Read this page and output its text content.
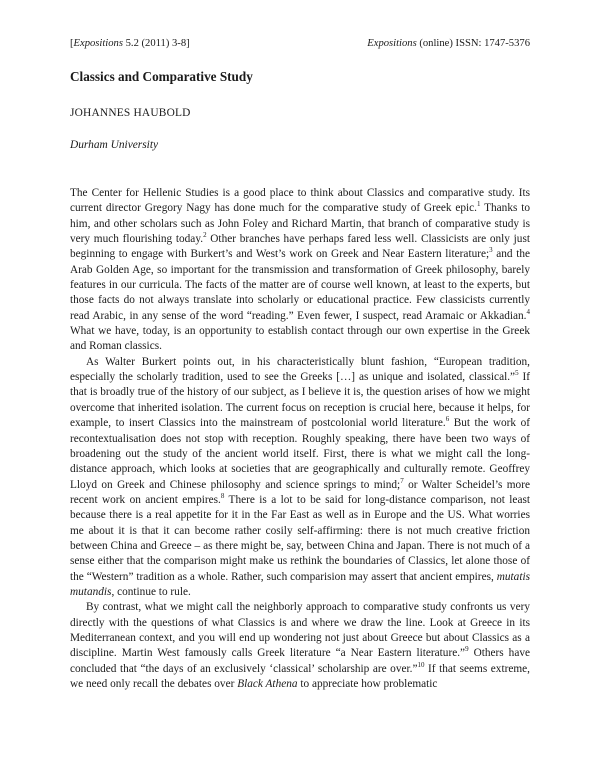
[Expositions 5.2 (2011) 3-8]	Expositions (online) ISSN: 1747-5376
Classics and Comparative Study
JOHANNES HAUBOLD
Durham University

The Center for Hellenic Studies is a good place to think about Classics and comparative study. Its current director Gregory Nagy has done much for the comparative study of Greek epic.$^1$ Thanks to him, and other scholars such as John Foley and Richard Martin, that branch of comparative study is very much flourishing today.$^2$ Other branches have perhaps fared less well. Classicists are only just beginning to engage with Burkert’s and West’s work on Greek and Near Eastern literature;$^3$ and the Arab Golden Age, so important for the transmission and transformation of Greek philosophy, barely features in our curricula. The facts of the matter are of course well known, at least to the experts, but those facts do not always translate into scholarly or educational practice. Few classicists currently read Arabic, in any sense of the word “reading.” Even fewer, I suspect, read Aramaic or Akkadian.$^4$ What we have, today, is an opportunity to establish contact through our own expertise in the Greek and Roman classics.

As Walter Burkert points out, in his characteristically blunt fashion, “European tradition, especially the scholarly tradition, used to see the Greeks […] as unique and isolated, classical.”$^5$ If that is broadly true of the history of our subject, as I believe it is, the question arises of how we might overcome that inherited isolation. The current focus on reception is crucial here, because it helps, for example, to insert Classics into the mainstream of postcolonial world literature.$^6$ But the work of recontextualisation does not stop with reception. Roughly speaking, there have been two ways of broadening out the study of the ancient world itself. First, there is what we might call the long-distance approach, which looks at societies that are geographically and culturally remote. Geoffrey Lloyd on Greek and Chinese philosophy and science springs to mind;$^7$ or Walter Scheidel’s more recent work on ancient empires.$^8$ There is a lot to be said for long-distance comparison, not least because there is a real appetite for it in the Far East as well as in Europe and the US. What worries me about it is that it can become rather cosily self-affirming: there is not much creative friction between China and Greece – as there might be, say, between China and Japan. There is not much of a sense either that the comparison might make us rethink the boundaries of Classics, let alone those of the “Western” tradition as a whole. Rather, such comparision may assert that ancient empires, mutatis mutandis, continue to rule.

By contrast, what we might call the neighborly approach to comparative study confronts us very directly with the questions of what Classics is and where we draw the line. Look at Greece in its Mediterranean context, and you will end up wondering not just about Greece but about Classics as a discipline. Martin West famously calls Greek literature “a Near Eastern literature.”$^9$ Others have concluded that “the days of an exclusively ‘classical’ scholarship are over.”$^{10}$ If that seems extreme, we need only recall the debates over Black Athena to appreciate how problematic
